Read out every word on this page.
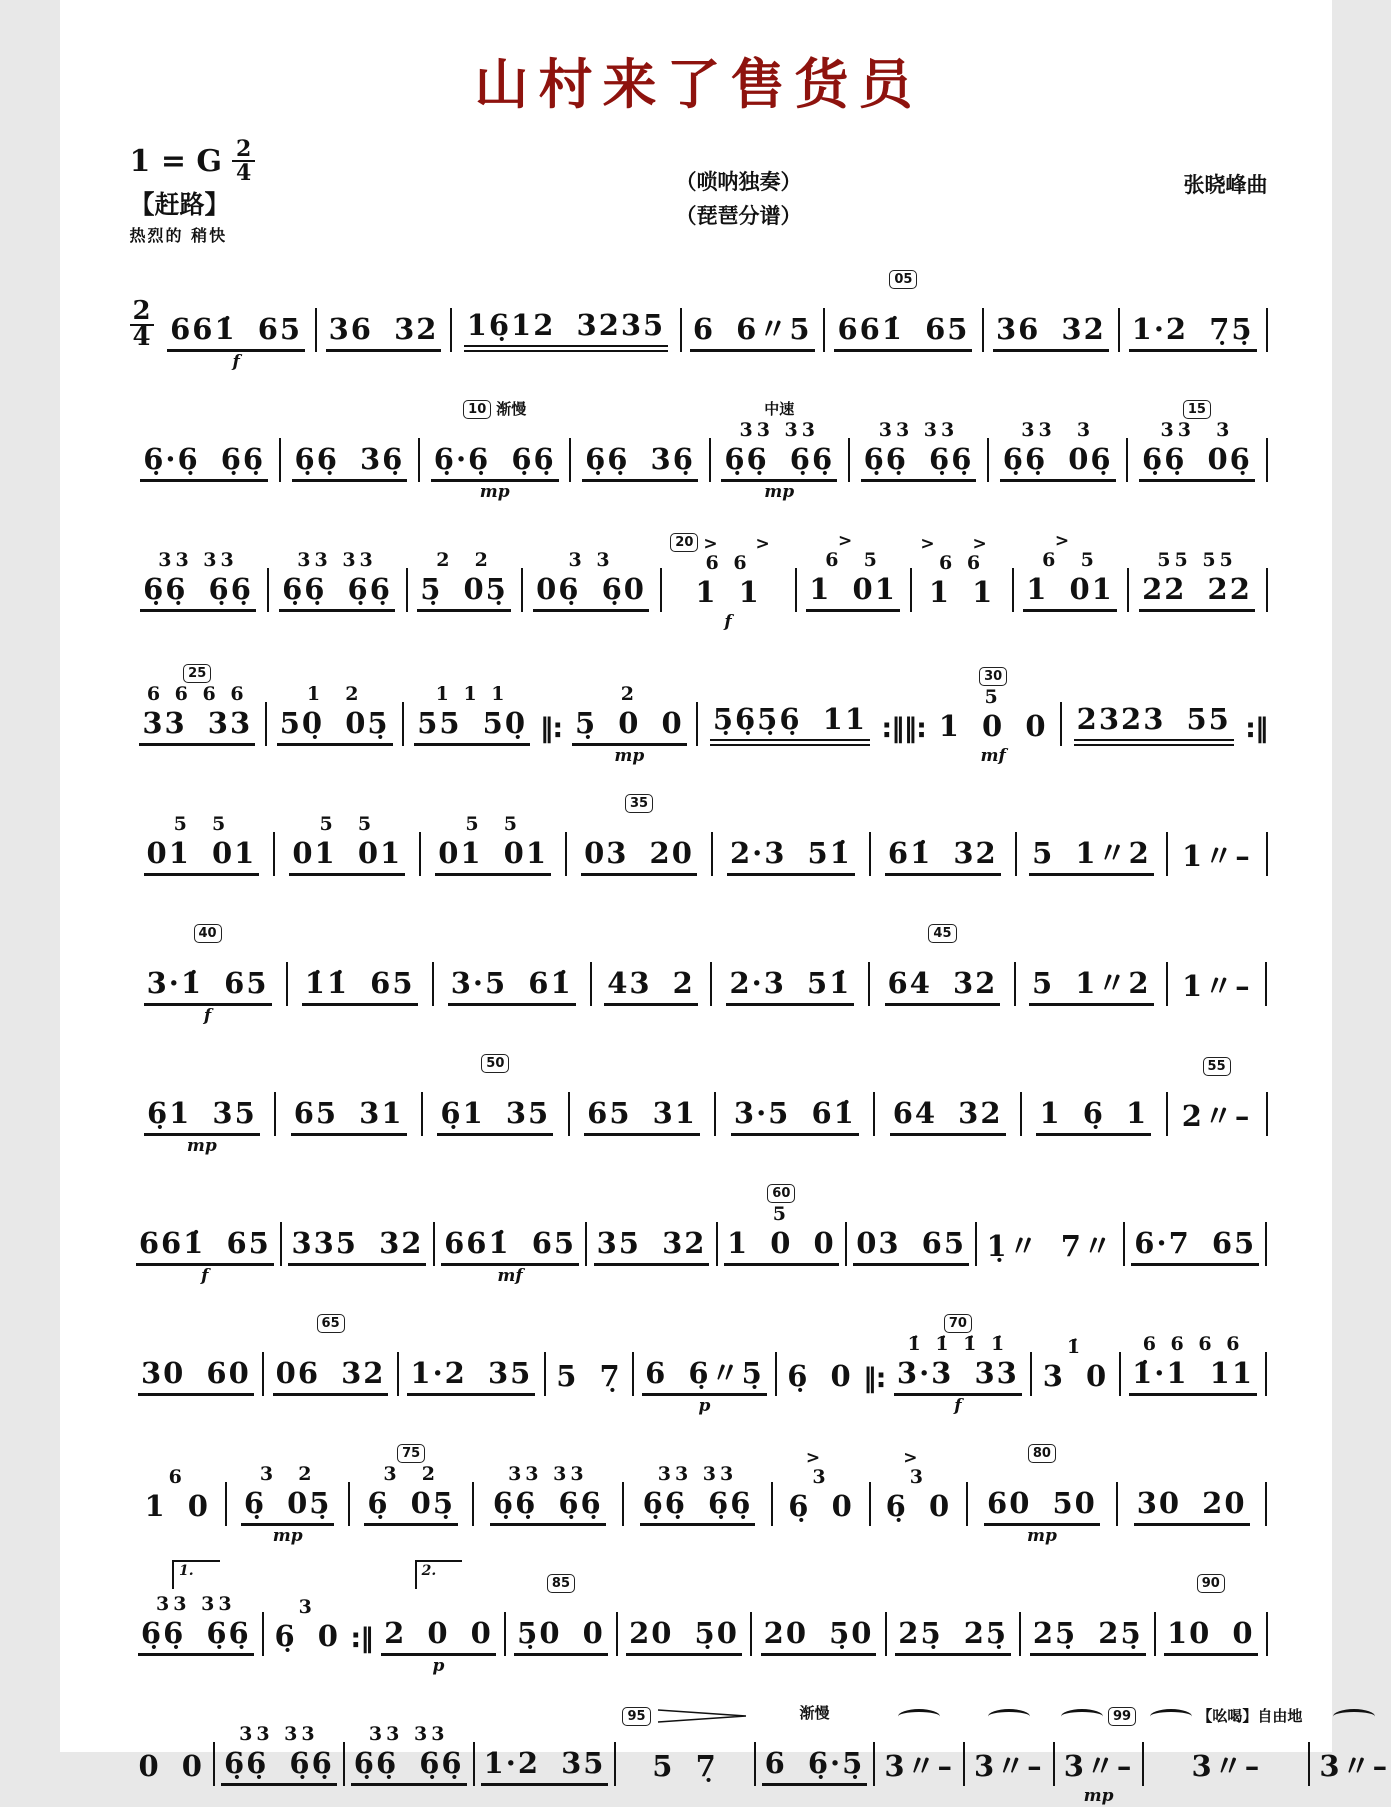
山村来了售货员
1 = G $\frac{2}{4}$
【赶路】
热烈的 稍快
（唢呐独奏）
（琵琶分谱）
张晓峰曲
$\frac{2}{4}$ 661̇ 65
f
36 32 16̣12 3235 6 6〃5
05
661̇ 65 36 32 1·2 7̣5̣
6̣·6̣ 6̣6̣ 6̣6̣ 36̣
10 渐慢
6̣·6̣ 6̣6̣
mp
6̣6̣ 36̣
中速
33 33
6̣6̣ 6̣6̣
mp
33 33
6̣6̣ 6̣6̣
33  3
6̣6̣ 06̣
15
33  3
6̣6̣ 06̣
33 33
6̣6̣ 6̣6̣
33 33
6̣6̣ 6̣6̣
2  2
5̣ 05̣
3 3
06̣ 6̣0
20 > >
6 6
1 1
f
>
6  5
1 01
> >
6 6
1 1
>
6  5
1 01
55 55
22 22
25
6 6 6 6
33 33
1  2
50̣ 05̣
1 1 1
55 50̣ ‖:
2
5̣ 0 0
mp
5̣6̣5̣6̣ 11 :‖‖:
30
5
1 0 0
mf
2323 55 :‖
5  5
01 01
5  5
01 01
5  5
01 01
35
03 20 2·3 51̇ 61̇ 32 5 1〃2 1〃–
40
3·1̇ 65
f
1̇1̇ 65 3·5 61̇ 43 2 2·3 51̇
45
64 32 5 1〃2 1〃–
6̣1 35
mp
65 31
50
6̣1 35 65 31 3·5 61̇ 64 32 1 6̣ 1
55
2〃–
661̇ 65
f
335 32 661̇ 65
mf
35 32
60
5
1 0 0 03 65 1̣〃 7〃 6·7 65
30 60
65
06 32 1·2 35 5 7̣ 6 6̣〃5̣
p
6̣ 0 ‖:
70
1̇ 1̇ 1̇ 1̇
3·3 33
f
1̇
3 0
6 6 6 6
1̇·1 11
6
1 0
3  2
6̣ 05̣
mp
75
3  2
6̣ 05̣
33 33
6̣6̣ 6̣6̣
33 33
6̣6̣ 6̣6̣
>
3
6̣ 0
>
3
6̣ 0
80
60 50
mp
30 20
1.
33 33
6̣6̣ 6̣6̣
3
6̣ 0 :‖
2.
2 0 0
p
85
5̣0 0 20 5̣0 20 5̣0 25̣ 25̣ 25̣ 25̣
90
10 0
0 0
33 33
6̣6̣ 6̣6̣
33 33
6̣6̣ 6̣6̣ 1·2 35
95
5 7̣
渐慢
6 6̣·5̣ 3〃– 3〃–
99
3〃–
mp
【吆喝】自由地
3〃– 3〃–
